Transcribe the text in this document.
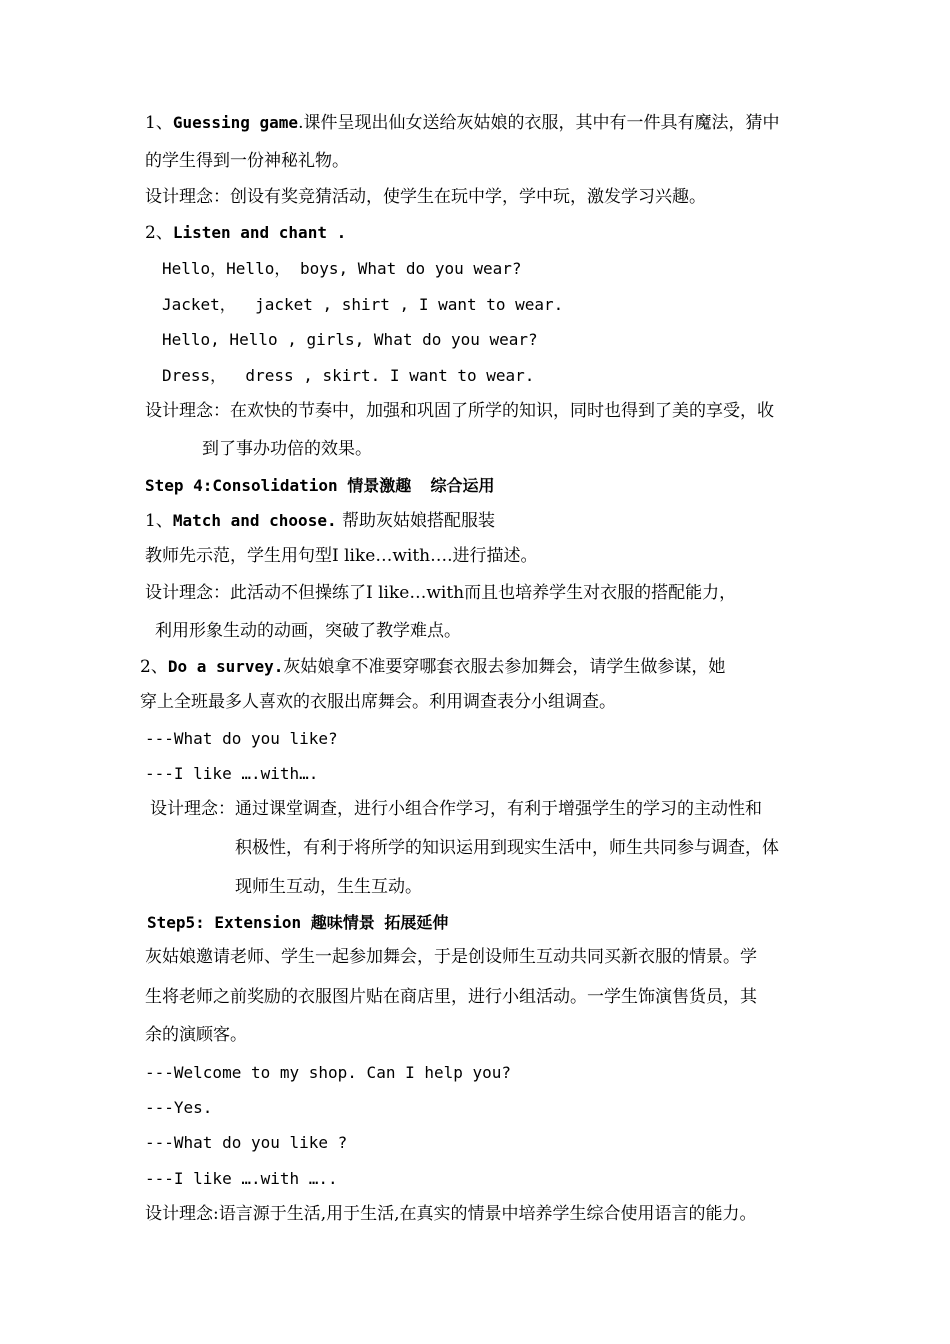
1、Guessing game.课件呈现出仙女送给灰姑娘的衣服，其中有一件具有魔法，猜中
的学生得到一份神秘礼物。
设计理念：创设有奖竞猜活动，使学生在玩中学，学中玩，激发学习兴趣。
2、Listen and chant .
Hello，Hello， boys, What do you wear?
Jacket，  jacket , shirt , I want to wear.
Hello, Hello , girls, What do you wear?
Dress，  dress , skirt. I want to wear.
设计理念：在欢快的节奏中，加强和巩固了所学的知识，同时也得到了美的享受，收
到了事办功倍的效果。
Step 4:Consolidation 情景激趣  综合运用
1、Match and choose. 帮助灰姑娘搭配服装
教师先示范，学生用句型I like…with….进行描述。
设计理念：此活动不但操练了I like…with而且也培养学生对衣服的搭配能力，
利用形象生动的动画，突破了教学难点。
2、Do a survey.灰姑娘拿不准要穿哪套衣服去参加舞会，请学生做参谋，她
穿上全班最多人喜欢的衣服出席舞会。利用调查表分小组调查。
---What do you like?
---I like ….with….
设计理念：通过课堂调查，进行小组合作学习，有利于增强学生的学习的主动性和
积极性，有利于将所学的知识运用到现实生活中，师生共同参与调查，体
现师生互动，生生互动。
Step5: Extension 趣味情景 拓展延伸
灰姑娘邀请老师、学生一起参加舞会，于是创设师生互动共同买新衣服的情景。学
生将老师之前奖励的衣服图片贴在商店里，进行小组活动。一学生饰演售货员，其
余的演顾客。
---Welcome to my shop. Can I help you?
---Yes.
---What do you like ?
---I like ….with …..
设计理念:语言源于生活,用于生活,在真实的情景中培养学生综合使用语言的能力。
